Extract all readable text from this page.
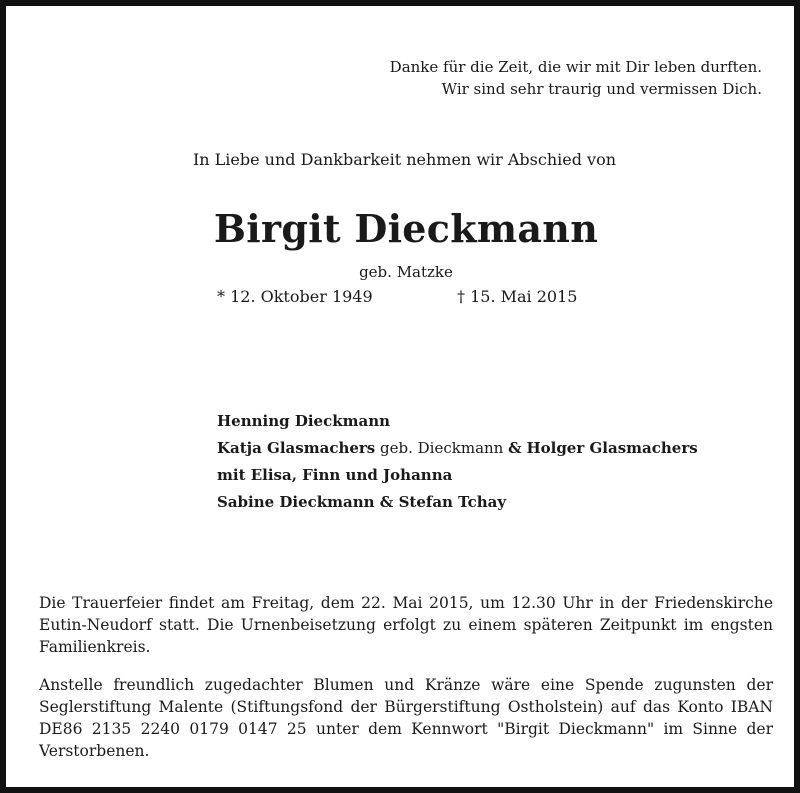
Danke für die Zeit, die wir mit Dir leben durften.
Wir sind sehr traurig und vermissen Dich.
In Liebe und Dankbarkeit nehmen wir Abschied von
Birgit Dieckmann
geb. Matzke
* 12. Oktober 1949	† 15. Mai 2015
Henning Dieckmann
Katja Glasmachers geb. Dieckmann & Holger Glasmachers
mit Elisa, Finn und Johanna
Sabine Dieckmann & Stefan Tchay
Die Trauerfeier findet am Freitag, dem 22. Mai 2015, um 12.30 Uhr in der Friedenskirche Eutin-Neudorf statt. Die Urnenbeisetzung erfolgt zu einem späteren Zeitpunkt im engsten Familienkreis.
Anstelle freundlich zugedachter Blumen und Kränze wäre eine Spende zugunsten der Seglerstiftung Malente (Stiftungsfond der Bürgerstiftung Ostholstein) auf das Konto IBAN DE86 2135 2240 0179 0147 25 unter dem Kennwort "Birgit Dieckmann" im Sinne der Verstorbenen.
